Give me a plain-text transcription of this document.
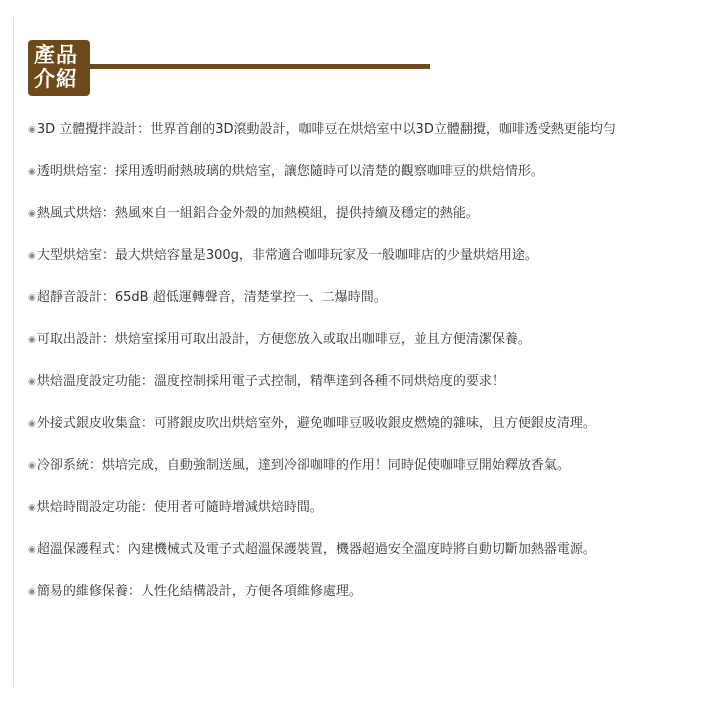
產品
介紹

◉3D 立體攪拌設計：世界首創的3D滾動設計，咖啡豆在烘焙室中以3D立體翻攪，咖啡透受熱更能均勻

◉透明烘焙室：採用透明耐熱玻璃的烘焙室，讓您隨時可以清楚的觀察咖啡豆的烘焙情形。

◉熱風式烘焙：熱風來自一組鋁合金外殼的加熱模組，提供持續及穩定的熱能。

◉大型烘焙室：最大烘焙容量是300g，非常適合咖啡玩家及一般咖啡店的少量烘焙用途。

◉超靜音設計：65dB 超低運轉聲音，清楚掌控一、二爆時間。

◉可取出設計：烘焙室採用可取出設計，方便您放入或取出咖啡豆，並且方便清潔保養。

◉烘焙溫度設定功能：溫度控制採用電子式控制，精準達到各種不同烘焙度的要求！

◉外接式銀皮收集盒：可將銀皮吹出烘焙室外，避免咖啡豆吸收銀皮燃燒的雜味，且方便銀皮清理。

◉冷卻系統：烘培完成，自動強制送風，達到冷卻咖啡的作用！同時促使咖啡豆開始釋放香氣。

◉烘焙時間設定功能：使用者可隨時增減烘焙時間。

◉超溫保護程式：內建機械式及電子式超溫保護裝置，機器超過安全溫度時將自動切斷加熱器電源。

◉簡易的維修保養：人性化結構設計，方便各項維修處理。
